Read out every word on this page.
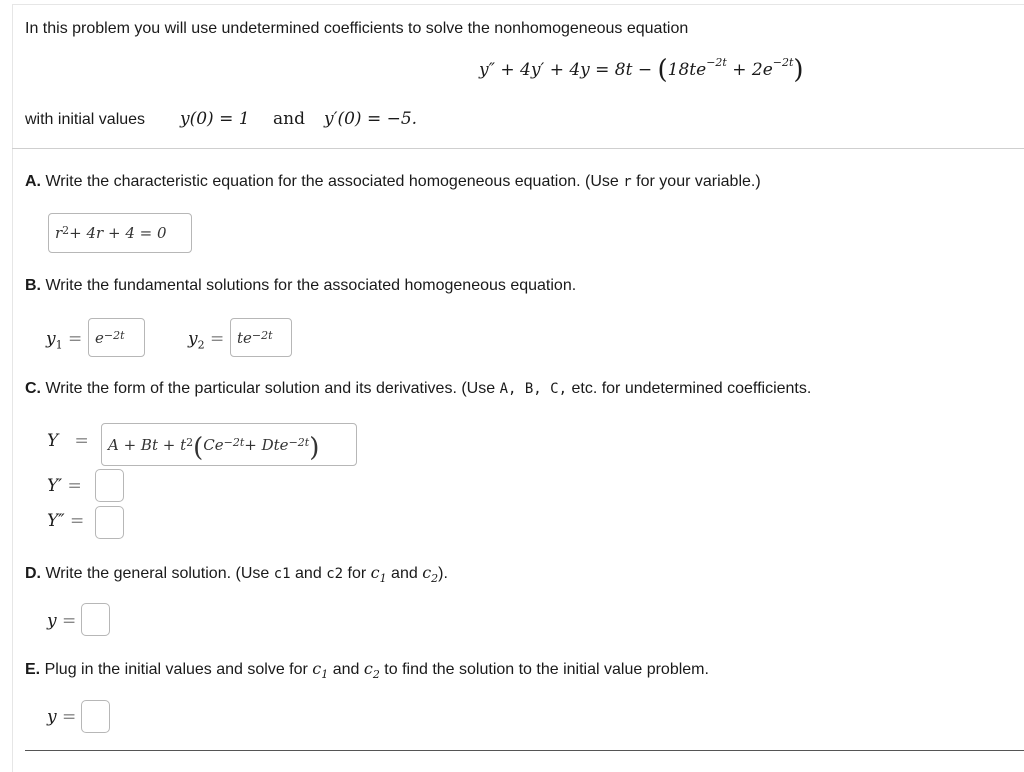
In this problem you will use undetermined coefficients to solve the nonhomogeneous equation
$y'' + 4y' + 4y = 8t - (18te^{-2t} + 2e^{-2t})$
with initial values y(0) = 1 and y′(0) = −5.
A. Write the characteristic equation for the associated homogeneous equation. (Use r for your variable.)
$r^2 + 4r + 4 = 0$
B. Write the fundamental solutions for the associated homogeneous equation.
$y_1 = e^{-2t}$	$y_2 = te^{-2t}$
C. Write the form of the particular solution and its derivatives. (Use A, B, C, etc. for undetermined coefficients.
$Y = A + Bt + t^2$ ( $Ce^{-2t} + Dte^{-2t}$ )
Y′ =
Y″ =
D. Write the general solution. (Use c1 and c2 for $c_1$ and $c_2$).
y =
E. Plug in the initial values and solve for $c_1$ and $c_2$ to find the solution to the initial value problem.
y =
